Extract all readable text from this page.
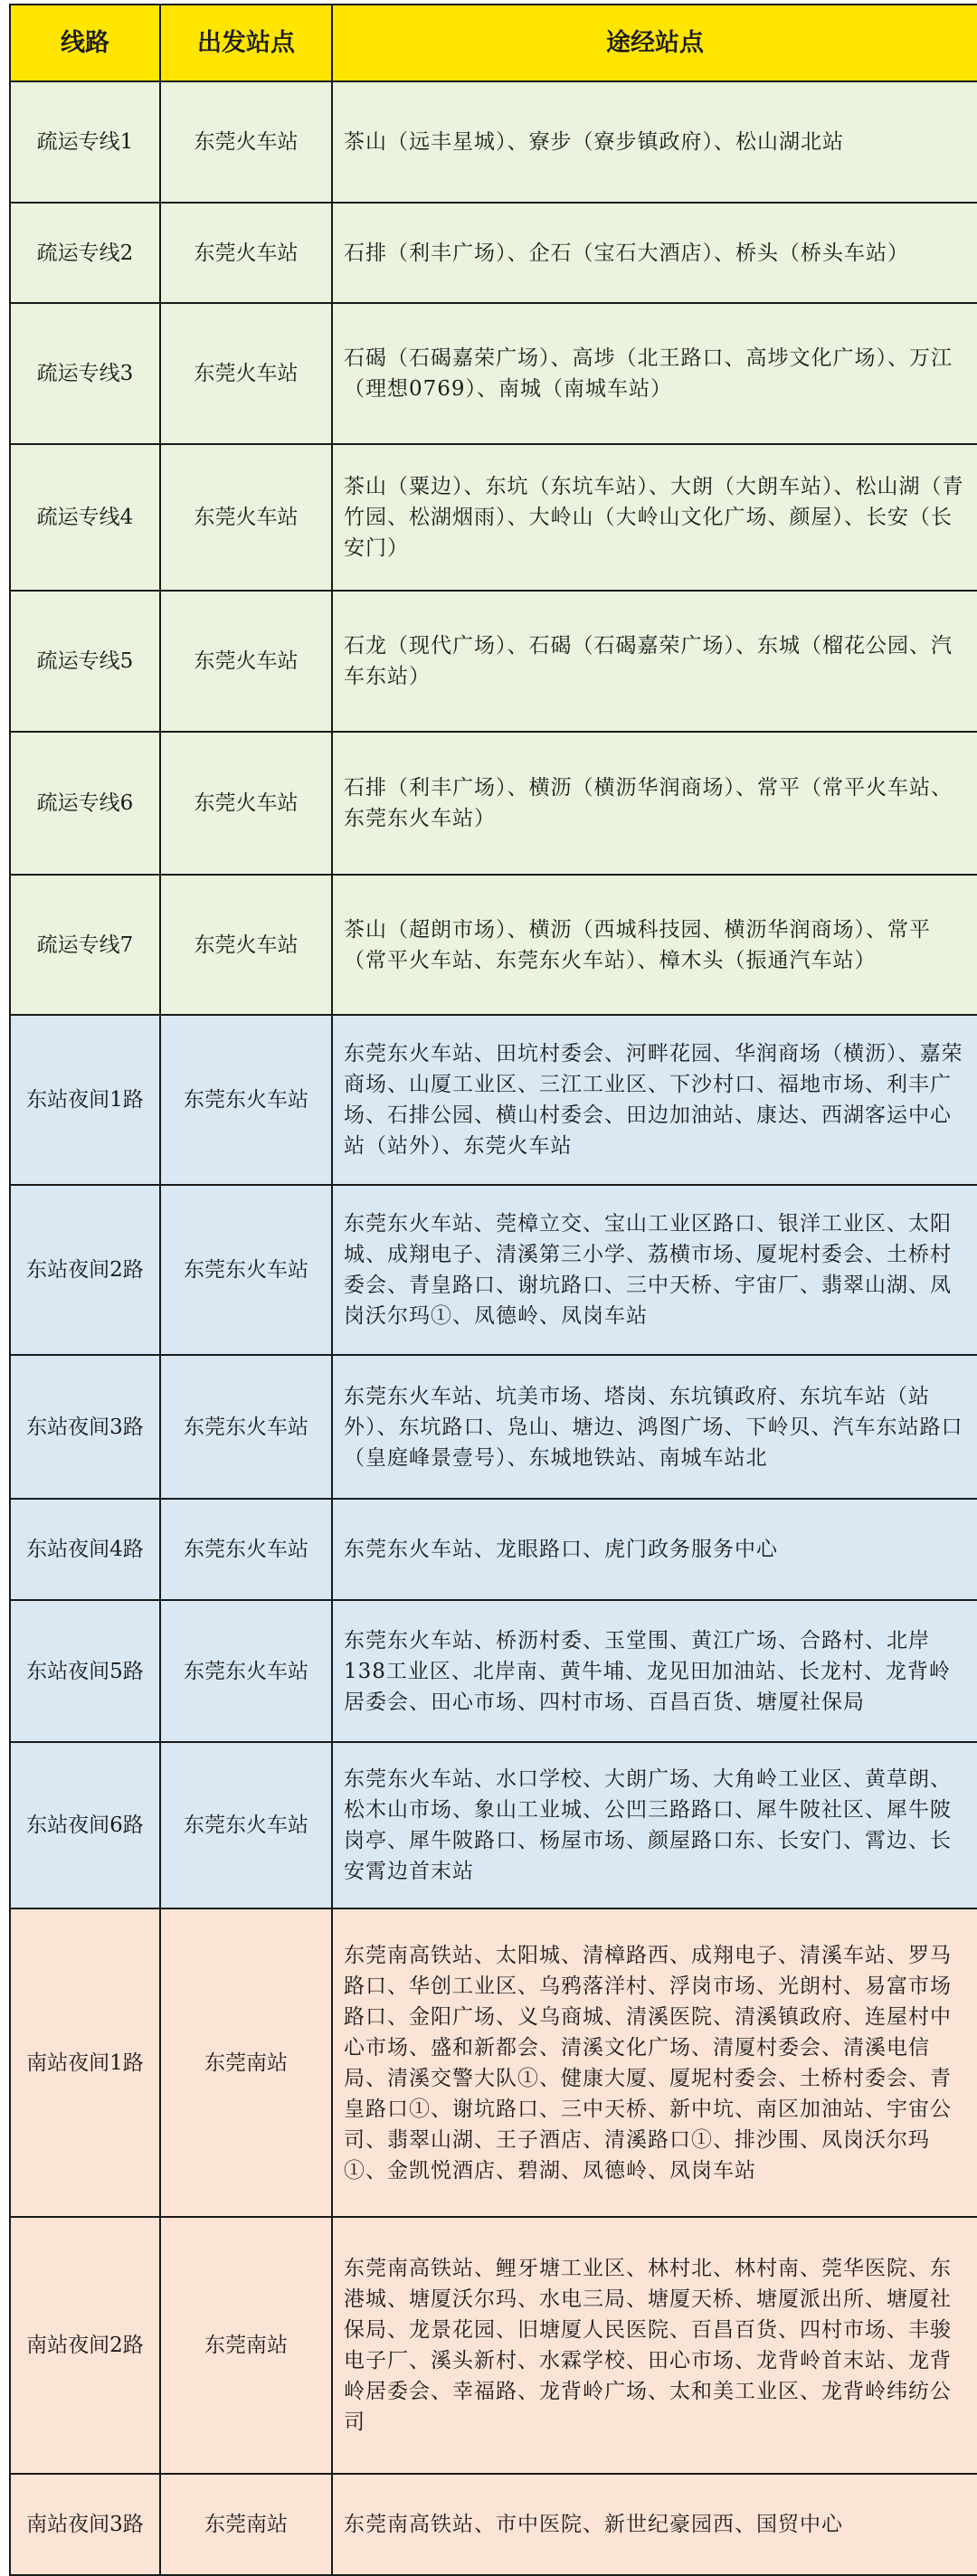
线路	出发站点	途经站点
疏运专线1	东莞火车站	茶山（远丰星城）、寮步（寮步镇政府）、松山湖北站
疏运专线2	东莞火车站	石排（利丰广场）、企石（宝石大酒店）、桥头（桥头车站）
疏运专线3	东莞火车站	石碣（石碣嘉荣广场）、高埗（北王路口、高埗文化广场）、万江（理想0769）、南城（南城车站）
疏运专线4	东莞火车站	茶山（粟边）、东坑（东坑车站）、大朗（大朗车站）、松山湖（青竹园、松湖烟雨）、大岭山（大岭山文化广场、颜屋）、长安（长安门）
疏运专线5	东莞火车站	石龙（现代广场）、石碣（石碣嘉荣广场）、东城（榴花公园、汽车东站）
疏运专线6	东莞火车站	石排（利丰广场）、横沥（横沥华润商场）、常平（常平火车站、东莞东火车站）
疏运专线7	东莞火车站	茶山（超朗市场）、横沥（西城科技园、横沥华润商场）、常平（常平火车站、东莞东火车站）、樟木头（振通汽车站）
东站夜间1路	东莞东火车站	东莞东火车站、田坑村委会、河畔花园、华润商场（横沥）、嘉荣商场、山厦工业区、三江工业区、下沙村口、福地市场、利丰广场、石排公园、横山村委会、田边加油站、康达、西湖客运中心站（站外）、东莞火车站
东站夜间2路	东莞东火车站	东莞东火车站、莞樟立交、宝山工业区路口、银洋工业区、太阳城、成翔电子、清溪第三小学、荔横市场、厦坭村委会、土桥村委会、青皇路口、谢坑路口、三中天桥、宇宙厂、翡翠山湖、凤岗沃尔玛①、凤德岭、凤岗车站
东站夜间3路	东莞东火车站	东莞东火车站、坑美市场、塔岗、东坑镇政府、东坑车站（站外）、东坑路口、凫山、塘边、鸿图广场、下岭贝、汽车东站路口（皇庭峰景壹号）、东城地铁站、南城车站北
东站夜间4路	东莞东火车站	东莞东火车站、龙眼路口、虎门政务服务中心
东站夜间5路	东莞东火车站	东莞东火车站、桥沥村委、玉堂围、黄江广场、合路村、北岸138工业区、北岸南、黄牛埔、龙见田加油站、长龙村、龙背岭居委会、田心市场、四村市场、百昌百货、塘厦社保局
东站夜间6路	东莞东火车站	东莞东火车站、水口学校、大朗广场、大角岭工业区、黄草朗、松木山市场、象山工业城、公凹三路路口、犀牛陂社区、犀牛陂岗亭、犀牛陂路口、杨屋市场、颜屋路口东、长安门、霄边、长安霄边首末站
南站夜间1路	东莞南站	东莞南高铁站、太阳城、清樟路西、成翔电子、清溪车站、罗马路口、华创工业区、乌鸦落洋村、浮岗市场、光朗村、易富市场路口、金阳广场、义乌商城、清溪医院、清溪镇政府、连屋村中心市场、盛和新都会、清溪文化广场、清厦村委会、清溪电信局、清溪交警大队①、健康大厦、厦坭村委会、土桥村委会、青皇路口①、谢坑路口、三中天桥、新中坑、南区加油站、宇宙公司、翡翠山湖、王子酒店、清溪路口①、排沙围、凤岗沃尔玛①、金凯悦酒店、碧湖、凤德岭、凤岗车站
南站夜间2路	东莞南站	东莞南高铁站、鲤牙塘工业区、林村北、林村南、莞华医院、东港城、塘厦沃尔玛、水电三局、塘厦天桥、塘厦派出所、塘厦社保局、龙景花园、旧塘厦人民医院、百昌百货、四村市场、丰骏电子厂、溪头新村、水霖学校、田心市场、龙背岭首末站、龙背岭居委会、幸福路、龙背岭广场、太和美工业区、龙背岭纬纺公司
南站夜间3路	东莞南站	东莞南高铁站、市中医院、新世纪豪园西、国贸中心
